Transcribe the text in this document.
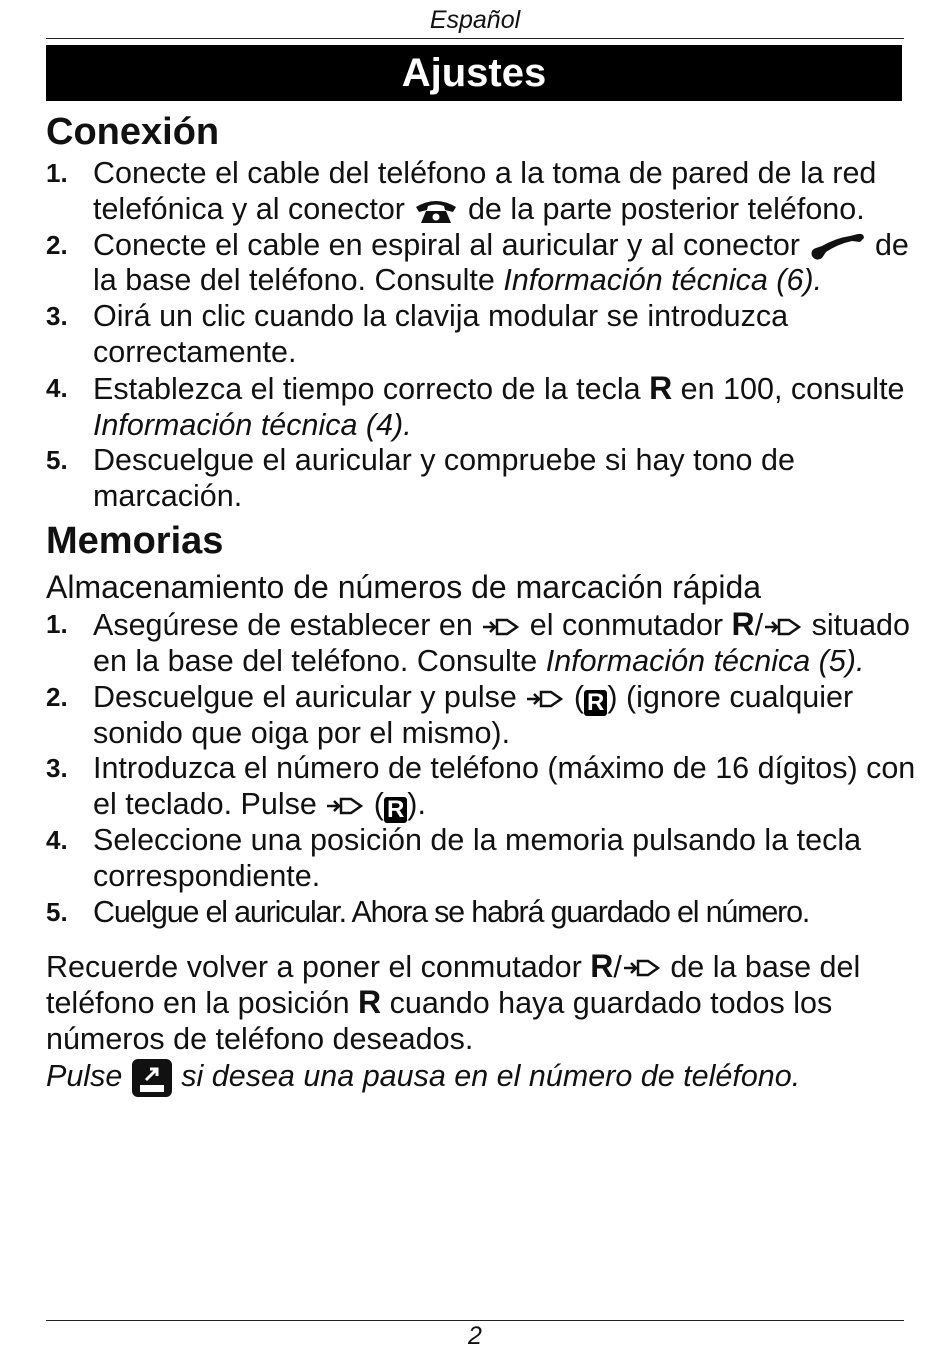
Español
Ajustes
Conexión
1. Conecte el cable del teléfono a la toma de pared de la red telefónica y al conector de la parte posterior teléfono.
2. Conecte el cable en espiral al auricular y al conector de la base del teléfono. Consulte Información técnica (6).
3. Oirá un clic cuando la clavija modular se introduzca correctamente.
4. Establezca el tiempo correcto de la tecla R en 100, consulte Información técnica (4).
5. Descuelgue el auricular y compruebe si hay tono de marcación.
Memorias
Almacenamiento de números de marcación rápida
1. Asegúrese de establecer en el conmutador R/ situado en la base del teléfono. Consulte Información técnica (5).
2. Descuelgue el auricular y pulse ( R) (ignore cualquier sonido que oiga por el mismo).
3. Introduzca el número de teléfono (máximo de 16 dígitos) con el teclado. Pulse ( R).
4. Seleccione una posición de la memoria pulsando la tecla correspondiente.
5. Cuelgue el auricular. Ahora se habrá guardado el número.

Recuerde volver a poner el conmutador R/ de la base del teléfono en la posición R cuando haya guardado todos los números de teléfono deseados.

Pulse si desea una pausa en el número de teléfono.

2
